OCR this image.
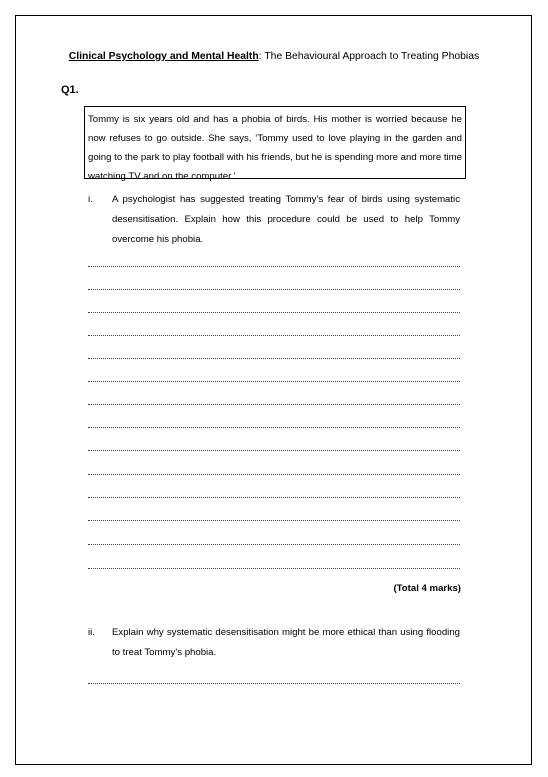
Clinical Psychology and Mental Health: The Behavioural Approach to Treating Phobias
Q1.
Tommy is six years old and has a phobia of birds. His mother is worried because he now refuses to go outside. She says, ‘Tommy used to love playing in the garden and going to the park to play football with his friends, but he is spending more and more time watching TV and on the computer.’
i. A psychologist has suggested treating Tommy’s fear of birds using systematic desensitisation. Explain how this procedure could be used to help Tommy overcome his phobia.
(Total 4 marks)
ii. Explain why systematic desensitisation might be more ethical than using flooding to treat Tommy’s phobia.
